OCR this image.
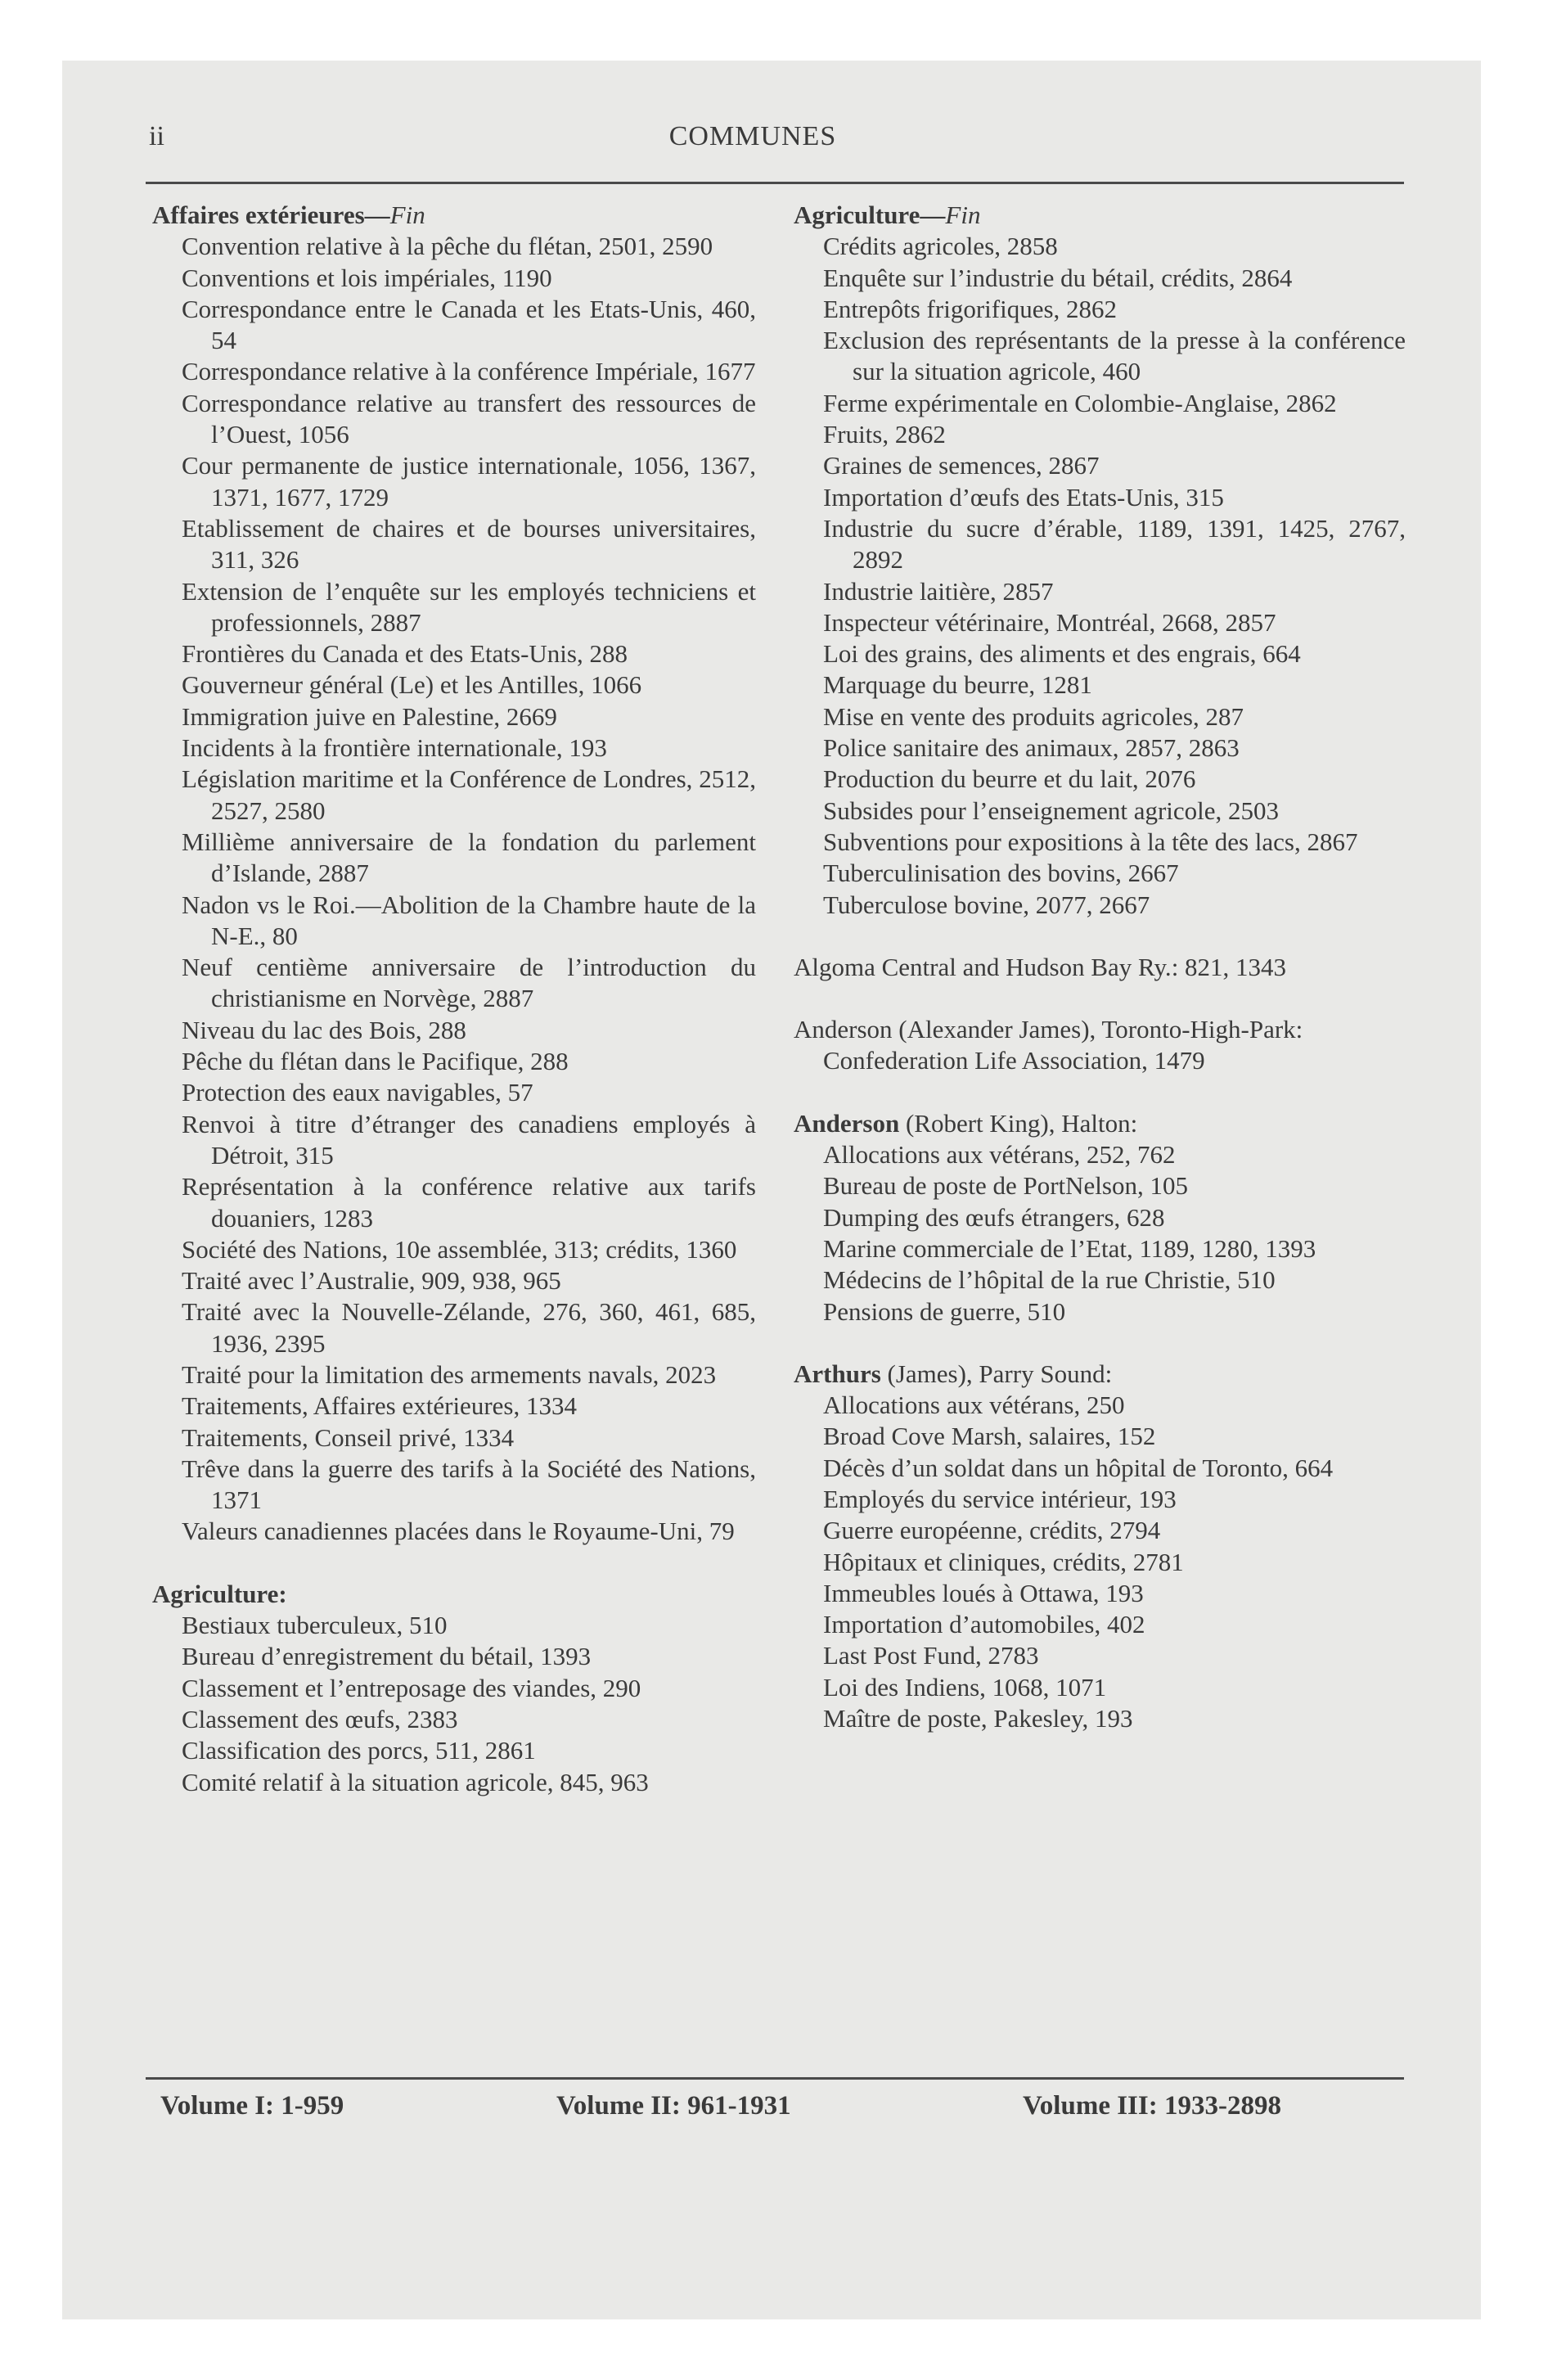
ii	COMMUNES
Affaires extérieures—Fin
Convention relative à la pêche du flétan, 2501, 2590
Conventions et lois impériales, 1190
Correspondance entre le Canada et les Etats-Unis, 460, 54
Correspondance relative à la conférence Impériale, 1677
Correspondance relative au transfert des ressources de l’Ouest, 1056
Cour permanente de justice internationale, 1056, 1367, 1371, 1677, 1729
Etablissement de chaires et de bourses universitaires, 311, 326
Extension de l’enquête sur les employés techniciens et professionnels, 2887
Frontières du Canada et des Etats-Unis, 288
Gouverneur général (Le) et les Antilles, 1066
Immigration juive en Palestine, 2669
Incidents à la frontière internationale, 193
Législation maritime et la Conférence de Londres, 2512, 2527, 2580
Millième anniversaire de la fondation du parlement d’Islande, 2887
Nadon vs le Roi.—Abolition de la Chambre haute de la N-E., 80
Neuf centième anniversaire de l’introduction du christianisme en Norvège, 2887
Niveau du lac des Bois, 288
Pêche du flétan dans le Pacifique, 288
Protection des eaux navigables, 57
Renvoi à titre d’étranger des canadiens employés à Détroit, 315
Représentation à la conférence relative aux tarifs douaniers, 1283
Société des Nations, 10e assemblée, 313; crédits, 1360
Traité avec l’Australie, 909, 938, 965
Traité avec la Nouvelle-Zélande, 276, 360, 461, 685, 1936, 2395
Traité pour la limitation des armements navals, 2023
Traitements, Affaires extérieures, 1334
Traitements, Conseil privé, 1334
Trêve dans la guerre des tarifs à la Société des Nations, 1371
Valeurs canadiennes placées dans le Royaume-Uni, 79
Agriculture:
Bestiaux tuberculeux, 510
Bureau d’enregistrement du bétail, 1393
Classement et l’entreposage des viandes, 290
Classement des œufs, 2383
Classification des porcs, 511, 2861
Comité relatif à la situation agricole, 845, 963
Agriculture—Fin
Crédits agricoles, 2858
Enquête sur l’industrie du bétail, crédits, 2864
Entrepôts frigorifiques, 2862
Exclusion des représentants de la presse à la conférence sur la situation agricole, 460
Ferme expérimentale en Colombie-Anglaise, 2862
Fruits, 2862
Graines de semences, 2867
Importation d’œufs des Etats-Unis, 315
Industrie du sucre d’érable, 1189, 1391, 1425, 2767, 2892
Industrie laitière, 2857
Inspecteur vétérinaire, Montréal, 2668, 2857
Loi des grains, des aliments et des engrais, 664
Marquage du beurre, 1281
Mise en vente des produits agricoles, 287
Police sanitaire des animaux, 2857, 2863
Production du beurre et du lait, 2076
Subsides pour l’enseignement agricole, 2503
Subventions pour expositions à la tête des lacs, 2867
Tuberculinisation des bovins, 2667
Tuberculose bovine, 2077, 2667
Algoma Central and Hudson Bay Ry.: 821, 1343
Anderson (Alexander James), Toronto-High-Park:
Confederation Life Association, 1479
Anderson (Robert King), Halton:
Allocations aux vétérans, 252, 762
Bureau de poste de PortNelson, 105
Dumping des œufs étrangers, 628
Marine commerciale de l’Etat, 1189, 1280, 1393
Médecins de l’hôpital de la rue Christie, 510
Pensions de guerre, 510
Arthurs (James), Parry Sound:
Allocations aux vétérans, 250
Broad Cove Marsh, salaires, 152
Décès d’un soldat dans un hôpital de Toronto, 664
Employés du service intérieur, 193
Guerre européenne, crédits, 2794
Hôpitaux et cliniques, crédits, 2781
Immeubles loués à Ottawa, 193
Importation d’automobiles, 402
Last Post Fund, 2783
Loi des Indiens, 1068, 1071
Maître de poste, Pakesley, 193
Volume I: 1-959	Volume II: 961-1931	Volume III: 1933-2898
